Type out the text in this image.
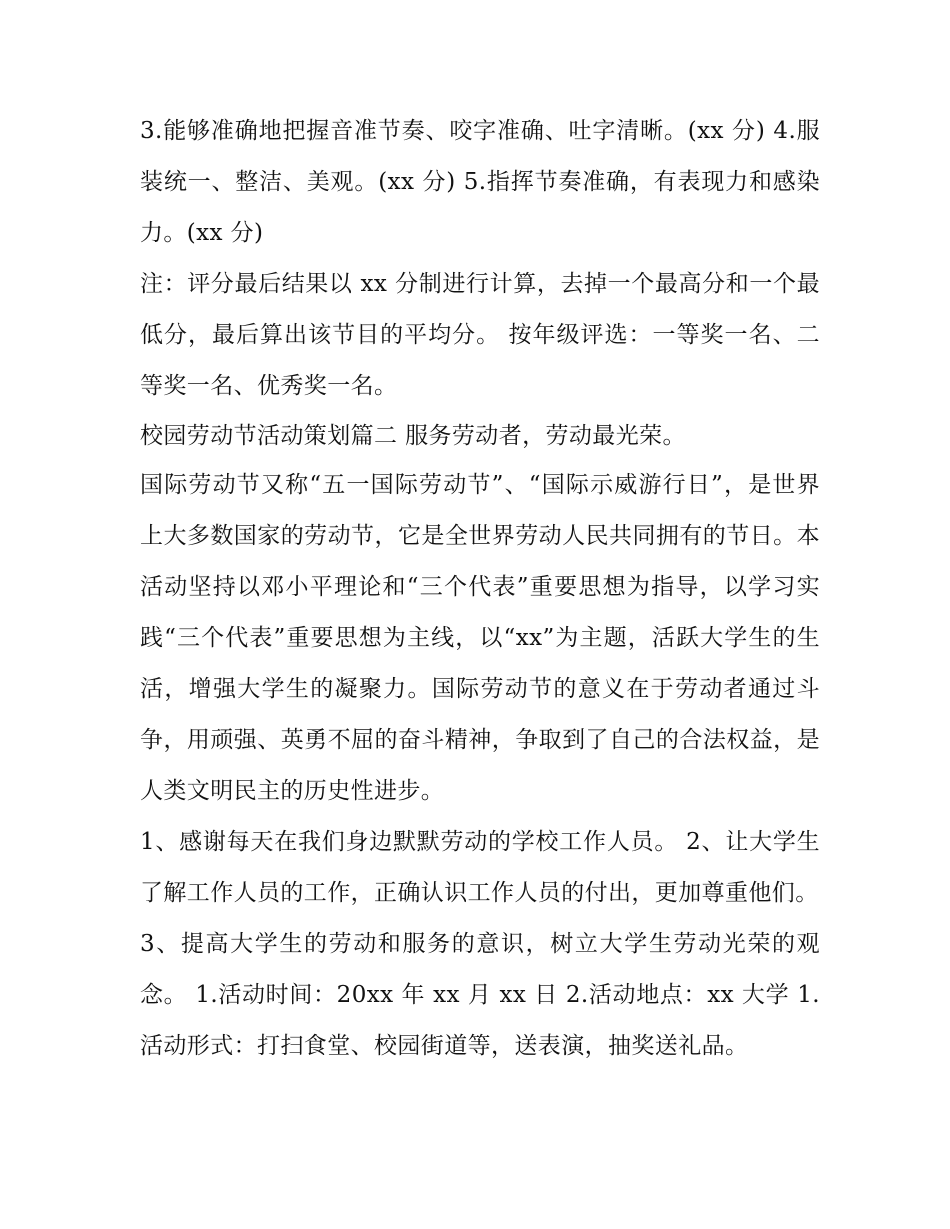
3.能够准确地把握音准节奏、咬字准确、吐字清晰。(xx 分) 4.服装统一、整洁、美观。(xx 分) 5.指挥节奏准确，有表现力和感染力。(xx 分)

注：评分最后结果以 xx 分制进行计算，去掉一个最高分和一个最低分，最后算出该节目的平均分。 按年级评选：一等奖一名、二等奖一名、优秀奖一名。

校园劳动节活动策划篇二 服务劳动者，劳动最光荣。

国际劳动节又称“五一国际劳动节”、“国际示威游行日”，是世界上大多数国家的劳动节，它是全世界劳动人民共同拥有的节日。本活动坚持以邓小平理论和“三个代表”重要思想为指导，以学习实践“三个代表”重要思想为主线，以“xx”为主题，活跃大学生的生活，增强大学生的凝聚力。国际劳动节的意义在于劳动者通过斗争，用顽强、英勇不屈的奋斗精神，争取到了自己的合法权益，是人类文明民主的历史性进步。

1、感谢每天在我们身边默默劳动的学校工作人员。 2、让大学生了解工作人员的工作，正确认识工作人员的付出，更加尊重他们。

3、提高大学生的劳动和服务的意识，树立大学生劳动光荣的观念。 1.活动时间：20xx 年 xx 月 xx 日 2.活动地点：xx 大学 1.活动形式：打扫食堂、校园街道等，送表演，抽奖送礼品。
